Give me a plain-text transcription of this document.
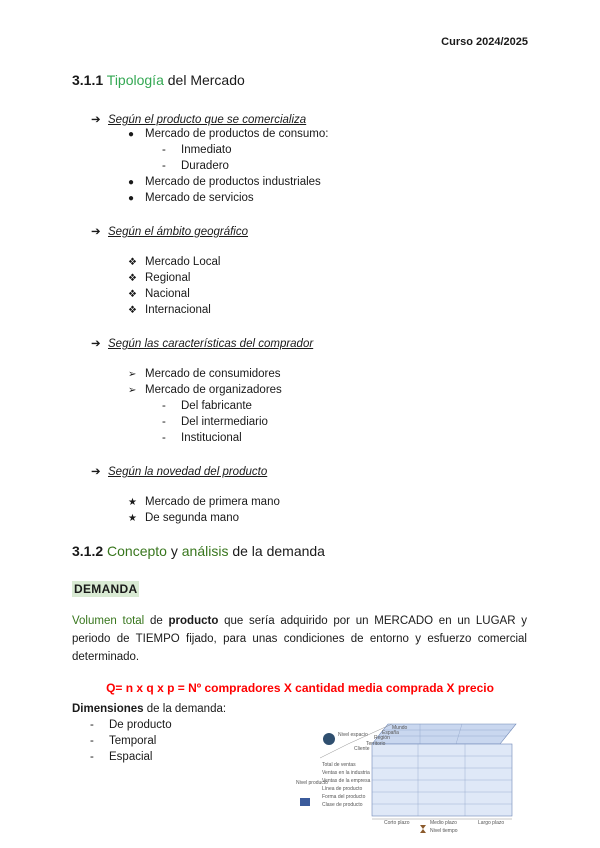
Curso 2024/2025
3.1.1 Tipología del Mercado
➔ Según el producto que se comercializa
● Mercado de productos de consumo:
- Inmediato
- Duradero
● Mercado de productos industriales
● Mercado de servicios
➔ Según el ámbito geográfico
❖ Mercado Local
❖ Regional
❖ Nacional
❖ Internacional
➔ Según las características del comprador
➢ Mercado de consumidores
➢ Mercado de organizadores
- Del fabricante
- Del intermediario
- Institucional
➔ Según la novedad del producto
★ Mercado de primera mano
★ De segunda mano
3.1.2 Concepto y análisis de la demanda
DEMANDA
Volumen total de producto que sería adquirido por un MERCADO en un LUGAR y periodo de TIEMPO fijado, para unas condiciones de entorno y esfuerzo comercial determinado.
Q= n x q x p = Nº compradores X cantidad media comprada X precio
Dimensiones de la demanda:
- De producto
- Temporal
- Espacial
Nivel espacio
Mundo
España
Región
Territorio
Cliente
Nivel producto
Total de ventas
Ventas en la industria
Ventas de la empresa
Línea de producto
Forma del producto
Clase de producto
Corto plazo	Medio plazo	Largo plazo
Nivel tiempo
